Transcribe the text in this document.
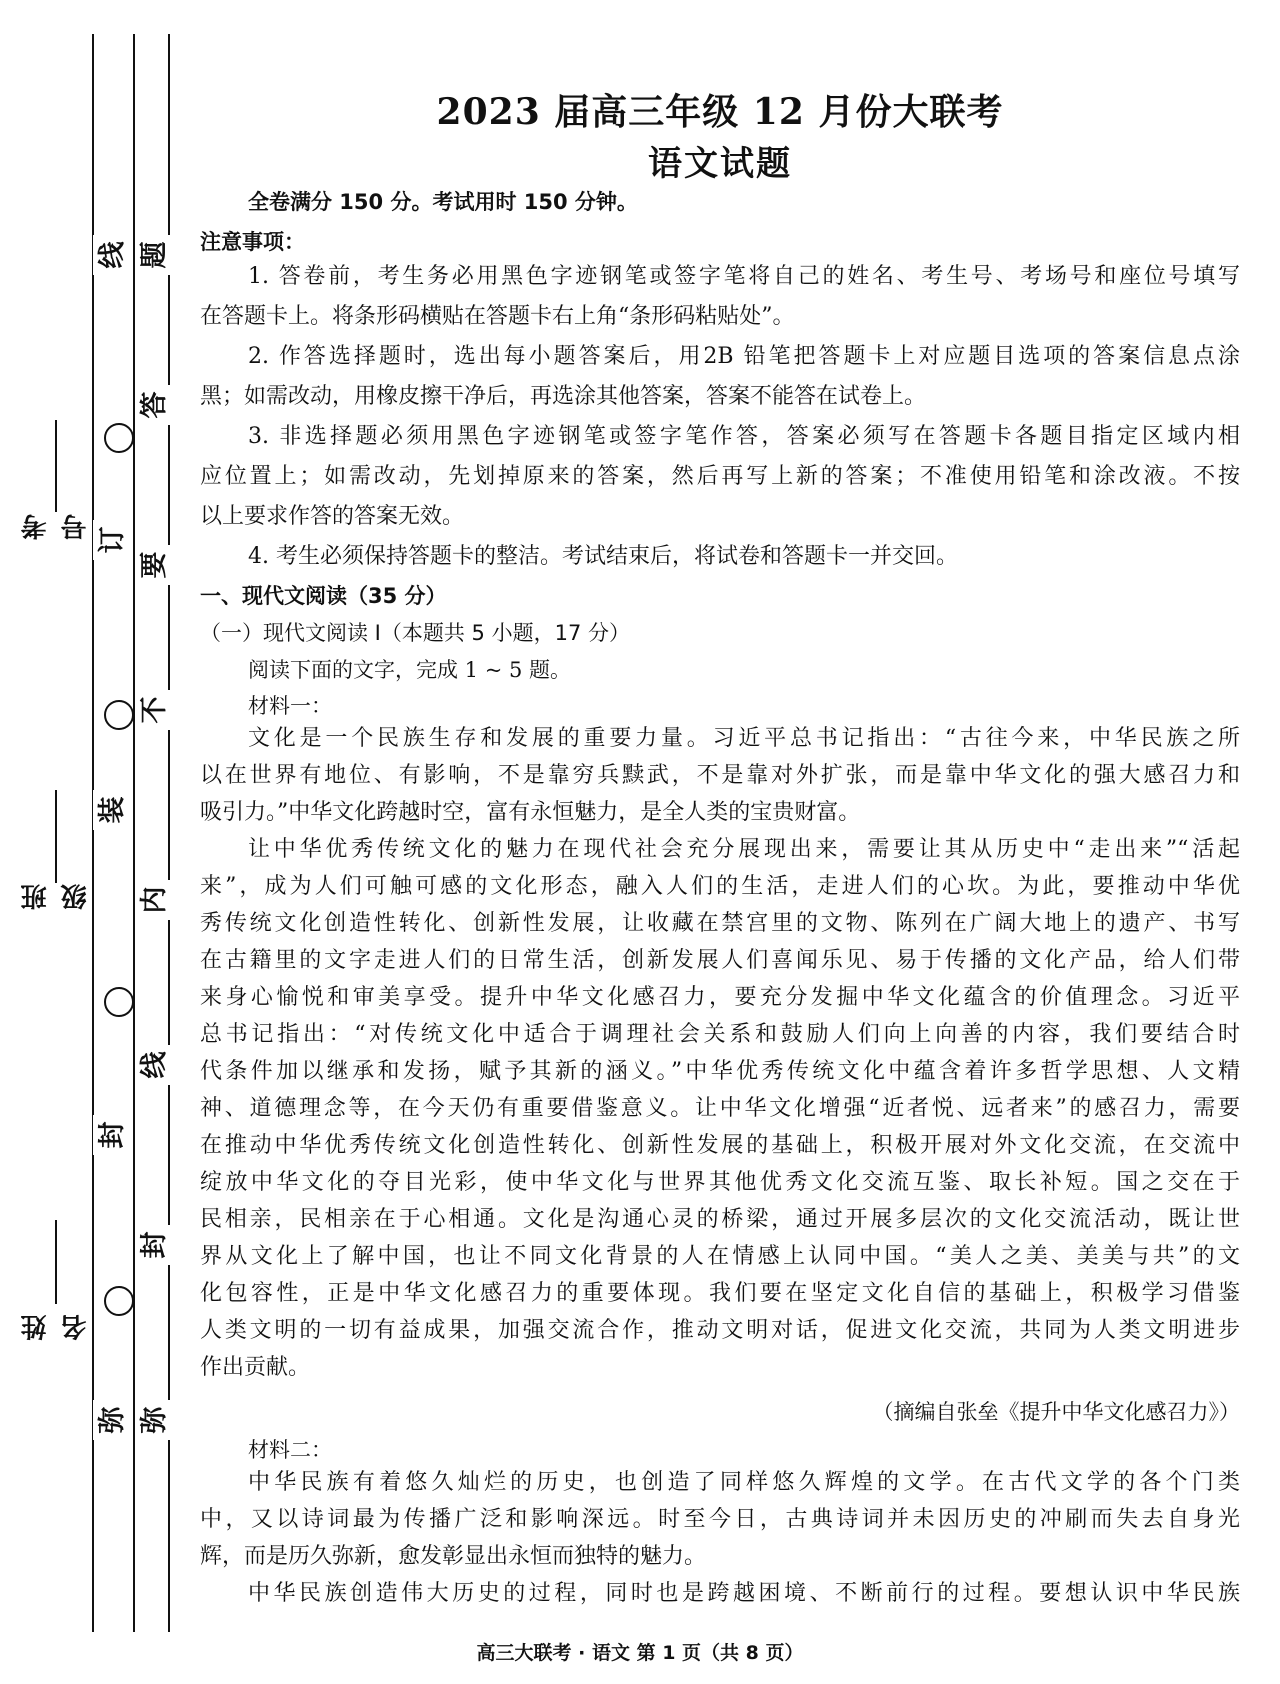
考号
班级
姓名
线
订
装
封
弥
题
答
要
不
内
线
封
弥
2023 届高三年级 12 月份大联考
语文试题
全卷满分 150 分。考试用时 150 分钟。
注意事项：
1. 答卷前，考生务必用黑色字迹钢笔或签字笔将自己的姓名、考生号、考场号和座位号填写
在答题卡上。将条形码横贴在答题卡右上角“条形码粘贴处”。
2. 作答选择题时，选出每小题答案后，用2B 铅笔把答题卡上对应题目选项的答案信息点涂
黑；如需改动，用橡皮擦干净后，再选涂其他答案，答案不能答在试卷上。
3. 非选择题必须用黑色字迹钢笔或签字笔作答，答案必须写在答题卡各题目指定区域内相
应位置上；如需改动，先划掉原来的答案，然后再写上新的答案；不准使用铅笔和涂改液。不按
以上要求作答的答案无效。
4. 考生必须保持答题卡的整洁。考试结束后，将试卷和答题卡一并交回。
一、现代文阅读（35 分）
（一）现代文阅读 Ⅰ（本题共 5 小题，17 分）
阅读下面的文字，完成 1 ~ 5 题。
材料一：
文化是一个民族生存和发展的重要力量。习近平总书记指出：“古往今来，中华民族之所
以在世界有地位、有影响，不是靠穷兵黩武，不是靠对外扩张，而是靠中华文化的强大感召力和
吸引力。”中华文化跨越时空，富有永恒魅力，是全人类的宝贵财富。
让中华优秀传统文化的魅力在现代社会充分展现出来，需要让其从历史中“走出来”“活起
来”，成为人们可触可感的文化形态，融入人们的生活，走进人们的心坎。为此，要推动中华优
秀传统文化创造性转化、创新性发展，让收藏在禁宫里的文物、陈列在广阔大地上的遗产、书写
在古籍里的文字走进人们的日常生活，创新发展人们喜闻乐见、易于传播的文化产品，给人们带
来身心愉悦和审美享受。提升中华文化感召力，要充分发掘中华文化蕴含的价值理念。习近平
总书记指出：“对传统文化中适合于调理社会关系和鼓励人们向上向善的内容，我们要结合时
代条件加以继承和发扬，赋予其新的涵义。”中华优秀传统文化中蕴含着许多哲学思想、人文精
神、道德理念等，在今天仍有重要借鉴意义。让中华文化增强“近者悦、远者来”的感召力，需要
在推动中华优秀传统文化创造性转化、创新性发展的基础上，积极开展对外文化交流，在交流中
绽放中华文化的夺目光彩，使中华文化与世界其他优秀文化交流互鉴、取长补短。国之交在于
民相亲，民相亲在于心相通。文化是沟通心灵的桥梁，通过开展多层次的文化交流活动，既让世
界从文化上了解中国，也让不同文化背景的人在情感上认同中国。“美人之美、美美与共”的文
化包容性，正是中华文化感召力的重要体现。我们要在坚定文化自信的基础上，积极学习借鉴
人类文明的一切有益成果，加强交流合作，推动文明对话，促进文化交流，共同为人类文明进步
作出贡献。
（摘编自张垒《提升中华文化感召力》）
材料二：
中华民族有着悠久灿烂的历史，也创造了同样悠久辉煌的文学。在古代文学的各个门类
中，又以诗词最为传播广泛和影响深远。时至今日，古典诗词并未因历史的冲刷而失去自身光
辉，而是历久弥新，愈发彰显出永恒而独特的魅力。
中华民族创造伟大历史的过程，同时也是跨越困境、不断前行的过程。要想认识中华民族
高三大联考 · 语文 第 1 页（共 8 页）
